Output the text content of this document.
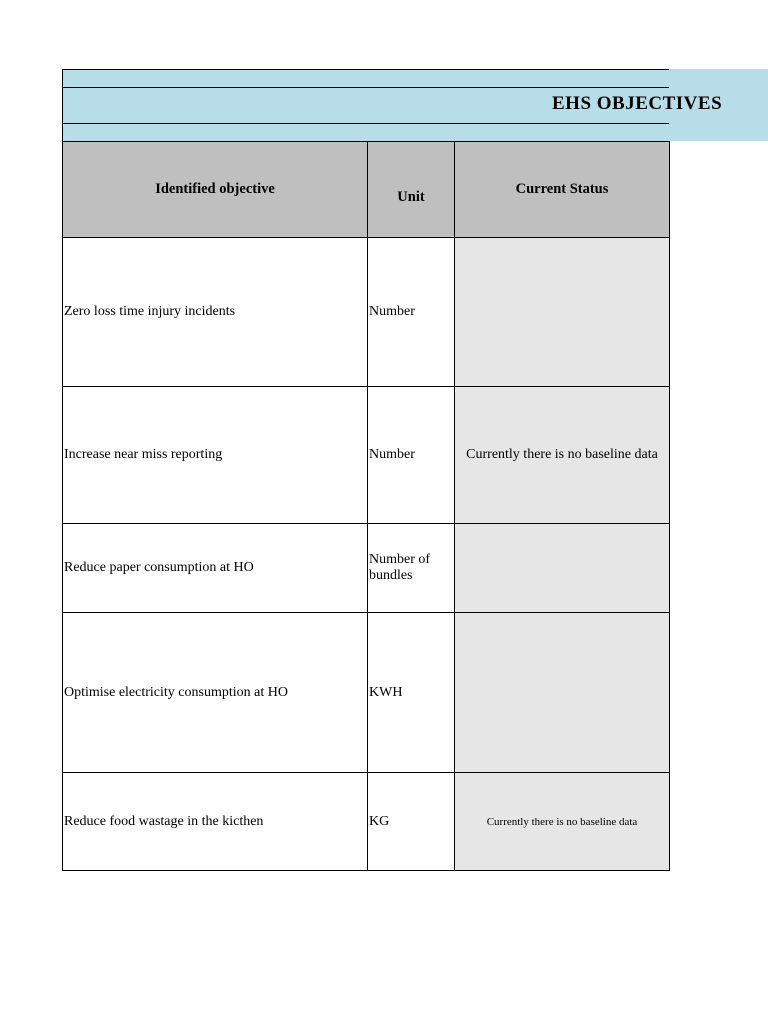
EHS OBJECTIVES
Identified objective	Unit	Current Status
Zero loss time injury incidents	Number	
Increase near miss reporting	Number	Currently there is no baseline data
Reduce paper consumption at HO	Number of bundles	
Optimise electricity consumption at HO	KWH	
Reduce food wastage in the kicthen	KG	Currently there is no baseline data
